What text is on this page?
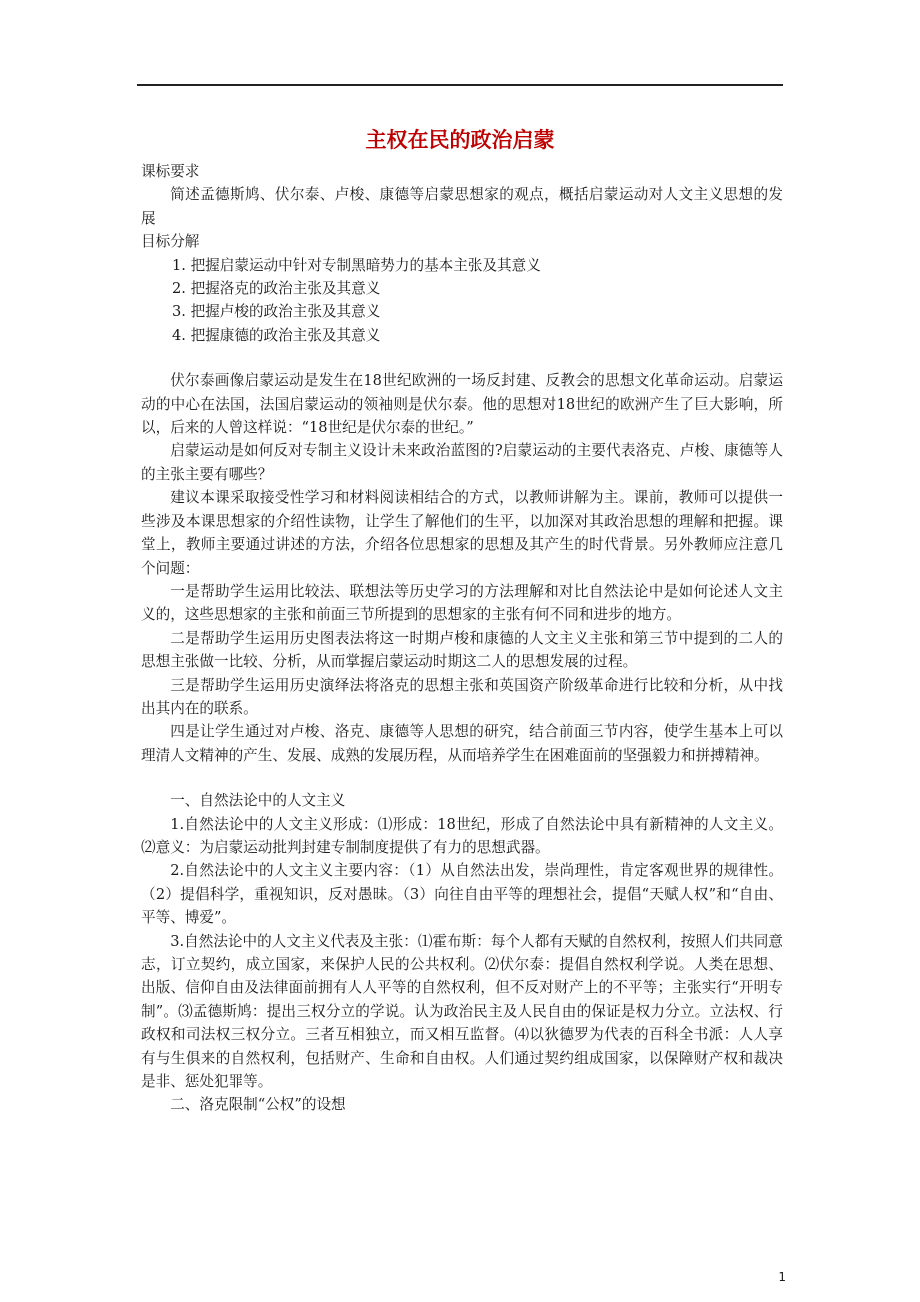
主权在民的政治启蒙

课标要求

简述孟德斯鸠、伏尔泰、卢梭、康德等启蒙思想家的观点，概括启蒙运动对人文主义思想的发展

目标分解

1. 把握启蒙运动中针对专制黑暗势力的基本主张及其意义

2. 把握洛克的政治主张及其意义

3. 把握卢梭的政治主张及其意义

4. 把握康德的政治主张及其意义

伏尔泰画像启蒙运动是发生在18世纪欧洲的一场反封建、反教会的思想文化革命运动。启蒙运动的中心在法国，法国启蒙运动的领袖则是伏尔泰。他的思想对18世纪的欧洲产生了巨大影响，所以，后来的人曾这样说：“18世纪是伏尔泰的世纪。”

启蒙运动是如何反对专制主义设计未来政治蓝图的?启蒙运动的主要代表洛克、卢梭、康德等人的主张主要有哪些？

建议本课采取接受性学习和材料阅读相结合的方式，以教师讲解为主。课前，教师可以提供一些涉及本课思想家的介绍性读物，让学生了解他们的生平，以加深对其政治思想的理解和把握。课堂上，教师主要通过讲述的方法，介绍各位思想家的思想及其产生的时代背景。另外教师应注意几个问题：

一是帮助学生运用比较法、联想法等历史学习的方法理解和对比自然法论中是如何论述人文主义的，这些思想家的主张和前面三节所提到的思想家的主张有何不同和进步的地方。

二是帮助学生运用历史图表法将这一时期卢梭和康德的人文主义主张和第三节中提到的二人的思想主张做一比较、分析，从而掌握启蒙运动时期这二人的思想发展的过程。

三是帮助学生运用历史演绎法将洛克的思想主张和英国资产阶级革命进行比较和分析，从中找出其内在的联系。

四是让学生通过对卢梭、洛克、康德等人思想的研究，结合前面三节内容，使学生基本上可以理清人文精神的产生、发展、成熟的发展历程，从而培养学生在困难面前的坚强毅力和拼搏精神。

一、自然法论中的人文主义

1.自然法论中的人文主义形成：⑴形成：18世纪，形成了自然法论中具有新精神的人文主义。⑵意义：为启蒙运动批判封建专制制度提供了有力的思想武器。

2.自然法论中的人文主义主要内容：（1）从自然法出发，崇尚理性，肯定客观世界的规律性。（2）提倡科学，重视知识，反对愚昧。（3）向往自由平等的理想社会，提倡“天赋人权”和“自由、平等、博爱”。

3.自然法论中的人文主义代表及主张：⑴霍布斯：每个人都有天赋的自然权利，按照人们共同意志，订立契约，成立国家，来保护人民的公共权利。⑵伏尔泰：提倡自然权利学说。人类在思想、出版、信仰自由及法律面前拥有人人平等的自然权利，但不反对财产上的不平等；主张实行“开明专制”。⑶孟德斯鸠：提出三权分立的学说。认为政治民主及人民自由的保证是权力分立。立法权、行政权和司法权三权分立。三者互相独立，而又相互监督。⑷以狄德罗为代表的百科全书派：人人享有与生俱来的自然权利，包括财产、生命和自由权。人们通过契约组成国家，以保障财产权和裁决是非、惩处犯罪等。

二、洛克限制“公权”的设想

1
